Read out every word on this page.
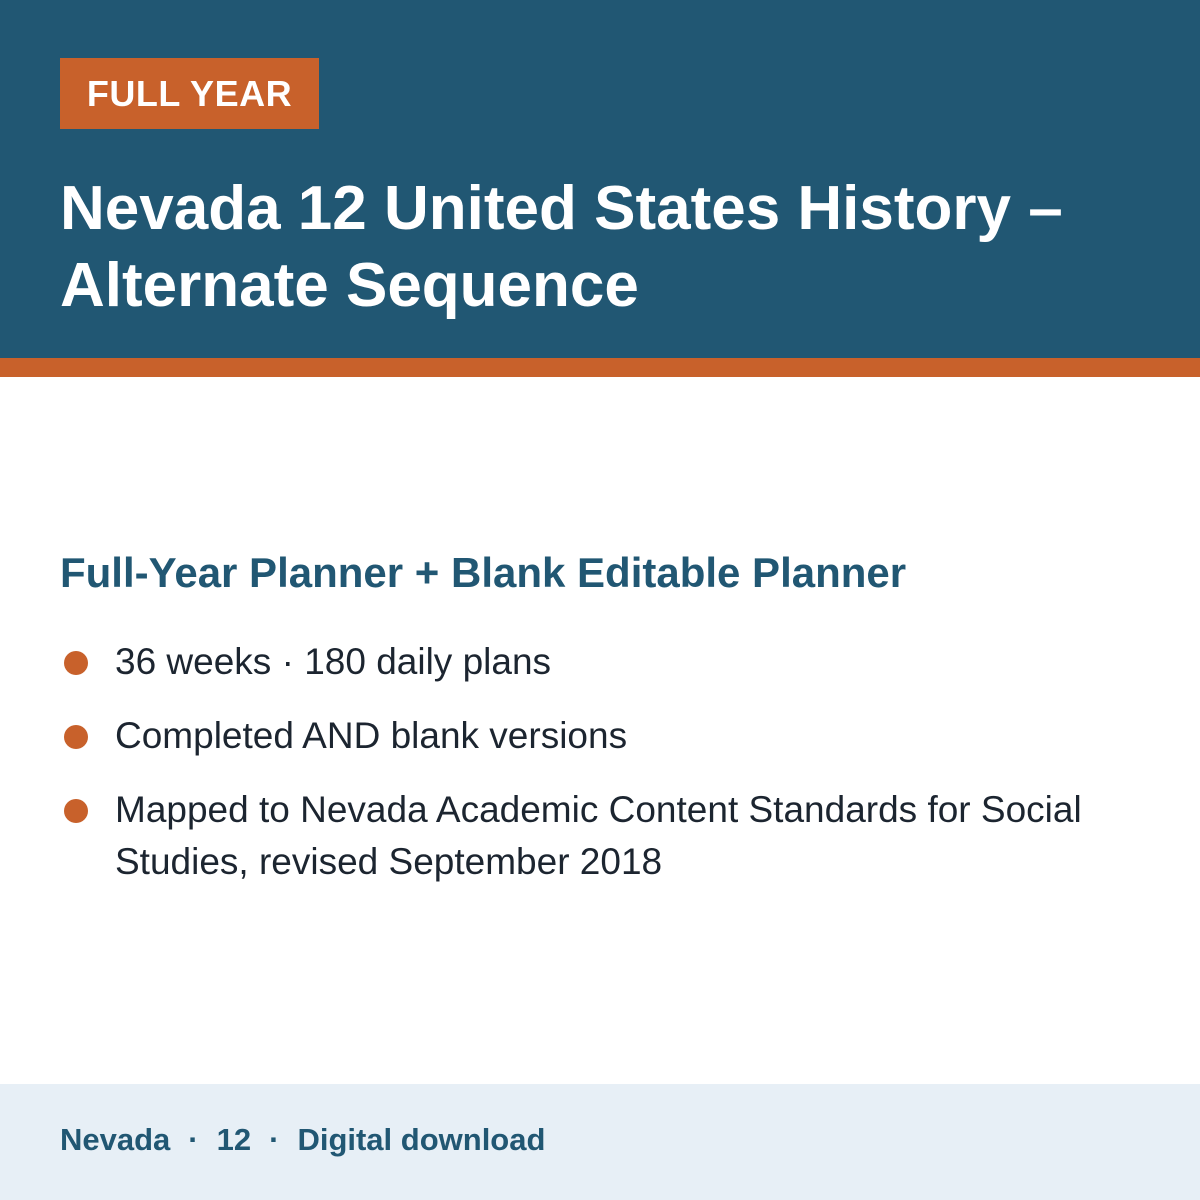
FULL YEAR
Nevada 12 United States History – Alternate Sequence
Full-Year Planner + Blank Editable Planner
36 weeks · 180 daily plans
Completed AND blank versions
Mapped to Nevada Academic Content Standards for Social Studies, revised September 2018
Nevada · 12 · Digital download
